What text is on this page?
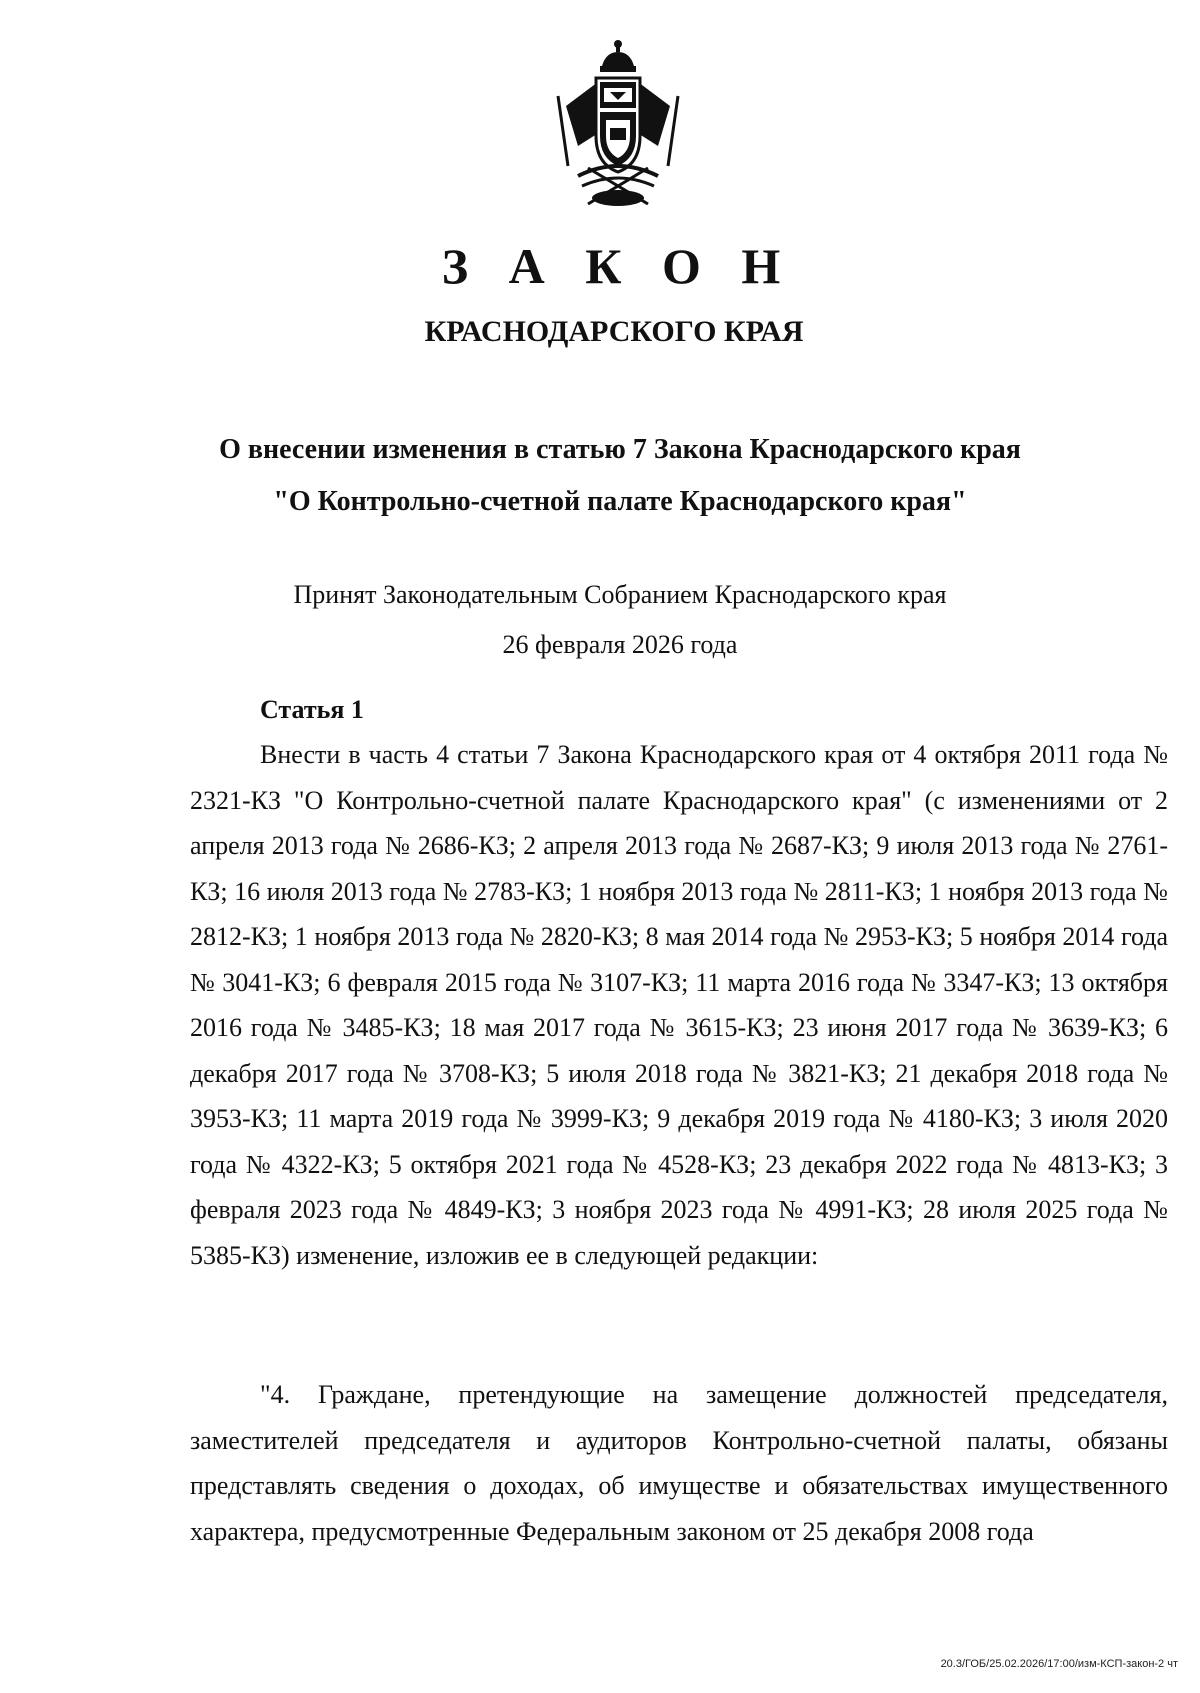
З А К О Н
КРАСНОДАРСКОГО КРАЯ
О внесении изменения в статью 7 Закона Краснодарского края
"О Контрольно-счетной палате Краснодарского края"
Принят Законодательным Собранием Краснодарского края
26 февраля 2026 года
Статья 1

Внести в часть 4 статьи 7 Закона Краснодарского края от 4 октября 2011 года № 2321-КЗ "О Контрольно-счетной палате Краснодарского края" (с изменениями от 2 апреля 2013 года № 2686-КЗ; 2 апреля 2013 года № 2687-КЗ; 9 июля 2013 года № 2761-КЗ; 16 июля 2013 года № 2783-КЗ; 1 ноября 2013 года № 2811-КЗ; 1 ноября 2013 года № 2812-КЗ; 1 ноября 2013 года № 2820-КЗ; 8 мая 2014 года № 2953-КЗ; 5 ноября 2014 года № 3041-КЗ; 6 февраля 2015 года № 3107-КЗ; 11 марта 2016 года № 3347-КЗ; 13 октября 2016 года № 3485-КЗ; 18 мая 2017 года № 3615-КЗ; 23 июня 2017 года № 3639-КЗ; 6 декабря 2017 года № 3708-КЗ; 5 июля 2018 года № 3821-КЗ; 21 декабря 2018 года № 3953-КЗ; 11 марта 2019 года № 3999-КЗ; 9 декабря 2019 года № 4180-КЗ; 3 июля 2020 года № 4322-КЗ; 5 октября 2021 года № 4528-КЗ; 23 декабря 2022 года № 4813-КЗ; 3 февраля 2023 года № 4849-КЗ; 3 ноября 2023 года № 4991-КЗ; 28 июля 2025 года № 5385-КЗ) изменение, изложив ее в следующей редакции:

"4. Граждане, претендующие на замещение должностей председателя, заместителей председателя и аудиторов Контрольно-счетной палаты, обязаны представлять сведения о доходах, об имуществе и обязательствах имущественного характера, предусмотренные Федеральным законом от 25 декабря 2008 года

20.3/ГОБ/25.02.2026/17:00/изм-КСП-закон-2 чт
